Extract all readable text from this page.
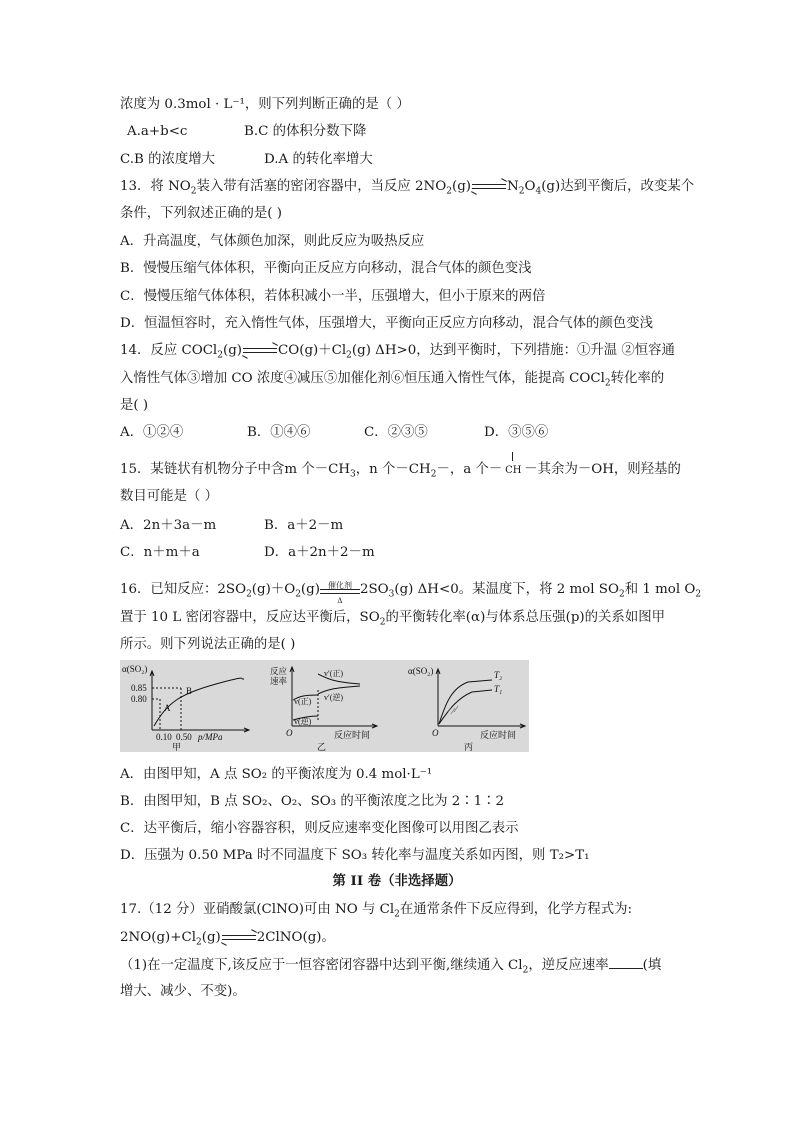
浓度为 0.3mol · L⁻¹，则下列判断正确的是（ ）
A.a+b<c	B.C 的体积分数下降
C.B 的浓度增大	D.A 的转化率增大
13．将 $NO_2$装入带有活塞的密闭容器中，当反应 $2NO_2(g)\to N_2O_4(g)$达到平衡后，改变某个
条件，下列叙述正确的是( )
A．升高温度，气体颜色加深，则此反应为吸热反应
B．慢慢压缩气体体积，平衡向正反应方向移动，混合气体的颜色变浅
C．慢慢压缩气体体积，若体积减小一半，压强增大，但小于原来的两倍
D．恒温恒容时，充入惰性气体，压强增大，平衡向正反应方向移动，混合气体的颜色变浅
14．反应 $COCl_2(g)\to CO(g)+Cl_2(g)$ ΔH>0，达到平衡时，下列措施：①升温 ②恒容通
入惰性气体③增加 CO 浓度④减压⑤加催化剂⑥恒压通入惰性气体，能提高 COCl$_2$转化率的
是( )
A．①②④	B．①④⑥	C．②③⑤	D．③⑤⑥
15．某链状有机物分子中含m 个$-CH_3$，n 个$-CH_2-$，a 个－ CH －其余为－OH，则羟基的
数目可能是（ ）
A．2n＋3a－m	B．a＋2－m
C．n＋m＋a	D．a＋2n＋2－m
16．已知反应：$2SO_2(g)+O_2(g)$	催化剂
Δ
$2SO_3(g)$ ΔH<0。某温度下，将 2 mol $SO_2$和 1 mol $O_2$
置于 10 L 密闭容器中，反应达平衡后，$SO_2$的平衡转化率(α)与体系总压强(p)的关系如图甲
所示。则下列说法正确的是( )
α(SO₂)
0.85
0.80
A
B
0.10 0.50 p/MPa
甲
反应
速率
v(正)
v(逆)
v′(正)
v′(逆)
O	反应时间
乙
α(SO₂)	T₂
T₁
O	反应时间
丙
A．由图甲知，A 点 SO₂ 的平衡浓度为 0.4 mol·L⁻¹
B．由图甲知，B 点 SO₂、O₂、SO₃ 的平衡浓度之比为 2∶1∶2
C．达平衡后，缩小容器容积，则反应速率变化图像可以用图乙表示
D．压强为 0.50 MPa 时不同温度下 SO₃ 转化率与温度关系如丙图，则 T₂>T₁
第 II 卷（非选择题）
17.（12 分）亚硝酸氯(ClNO)可由 NO 与 $Cl_2$在通常条件下反应得到，化学方程式为:
$2NO(g)+Cl_2(g)\to 2ClNO(g)$。
（1)在一定温度下,该反应于一恒容密闭容器中达到平衡,继续通入 $Cl_2$，逆反应速率	(填
增大、减少、不变)。
